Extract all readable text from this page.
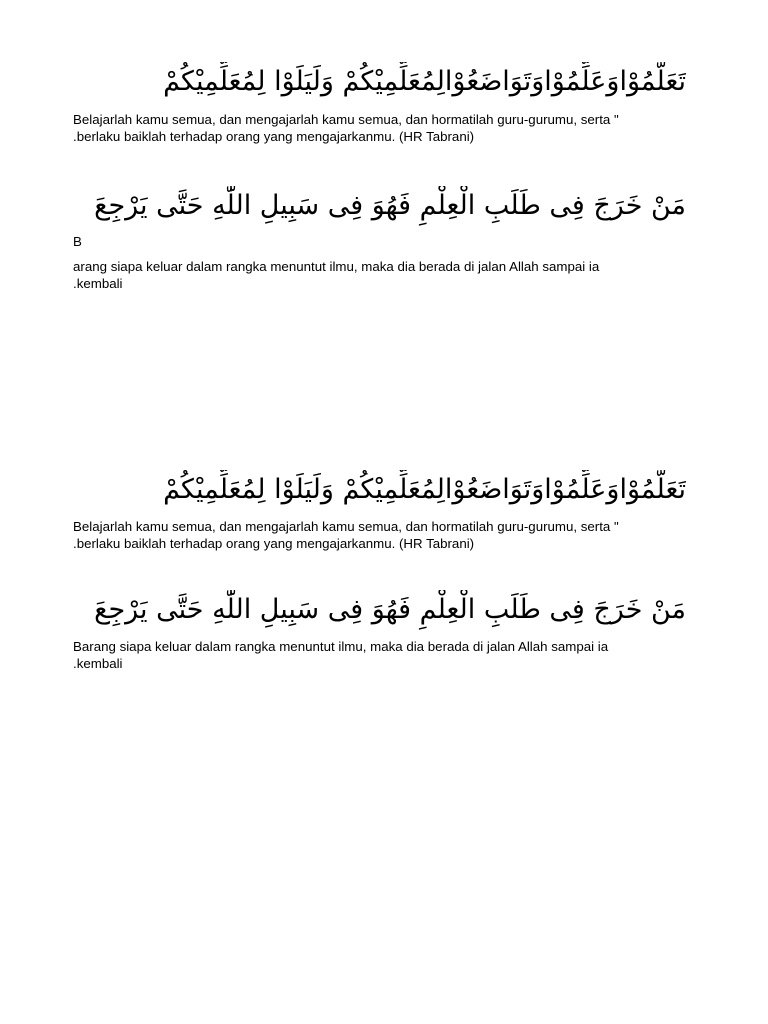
تَعَلَّمُوْاوَعَلِّمُوْاوَتَوَاضَعُوْالِمُعَلِّمِيْكُمْ وَلَيَلَوْا لِمُعَلِّمِيْكُمْ
Belajarlah kamu semua, dan mengajarlah kamu semua, dan hormatilah guru-gurumu, serta "
.berlaku baiklah terhadap orang yang mengajarkanmu. (HR Tabrani)
مَنْ خَرَجَ فِى طَلَبِ الْعِلْمِ فَهُوَ فِى سَبِيلِ اللّٰهِ حَتَّى يَرْجِعَ
B
arang siapa keluar dalam rangka menuntut ilmu, maka dia berada di jalan Allah sampai ia
.kembali
تَعَلَّمُوْاوَعَلِّمُوْاوَتَوَاضَعُوْالِمُعَلِّمِيْكُمْ وَلَيَلَوْا لِمُعَلِّمِيْكُمْ
Belajarlah kamu semua, dan mengajarlah kamu semua, dan hormatilah guru-gurumu, serta "
.berlaku baiklah terhadap orang yang mengajarkanmu. (HR Tabrani)
مَنْ خَرَجَ فِى طَلَبِ الْعِلْمِ فَهُوَ فِى سَبِيلِ اللّٰهِ حَتَّى يَرْجِعَ
Barang siapa keluar dalam rangka menuntut ilmu, maka dia berada di jalan Allah sampai ia
.kembali
